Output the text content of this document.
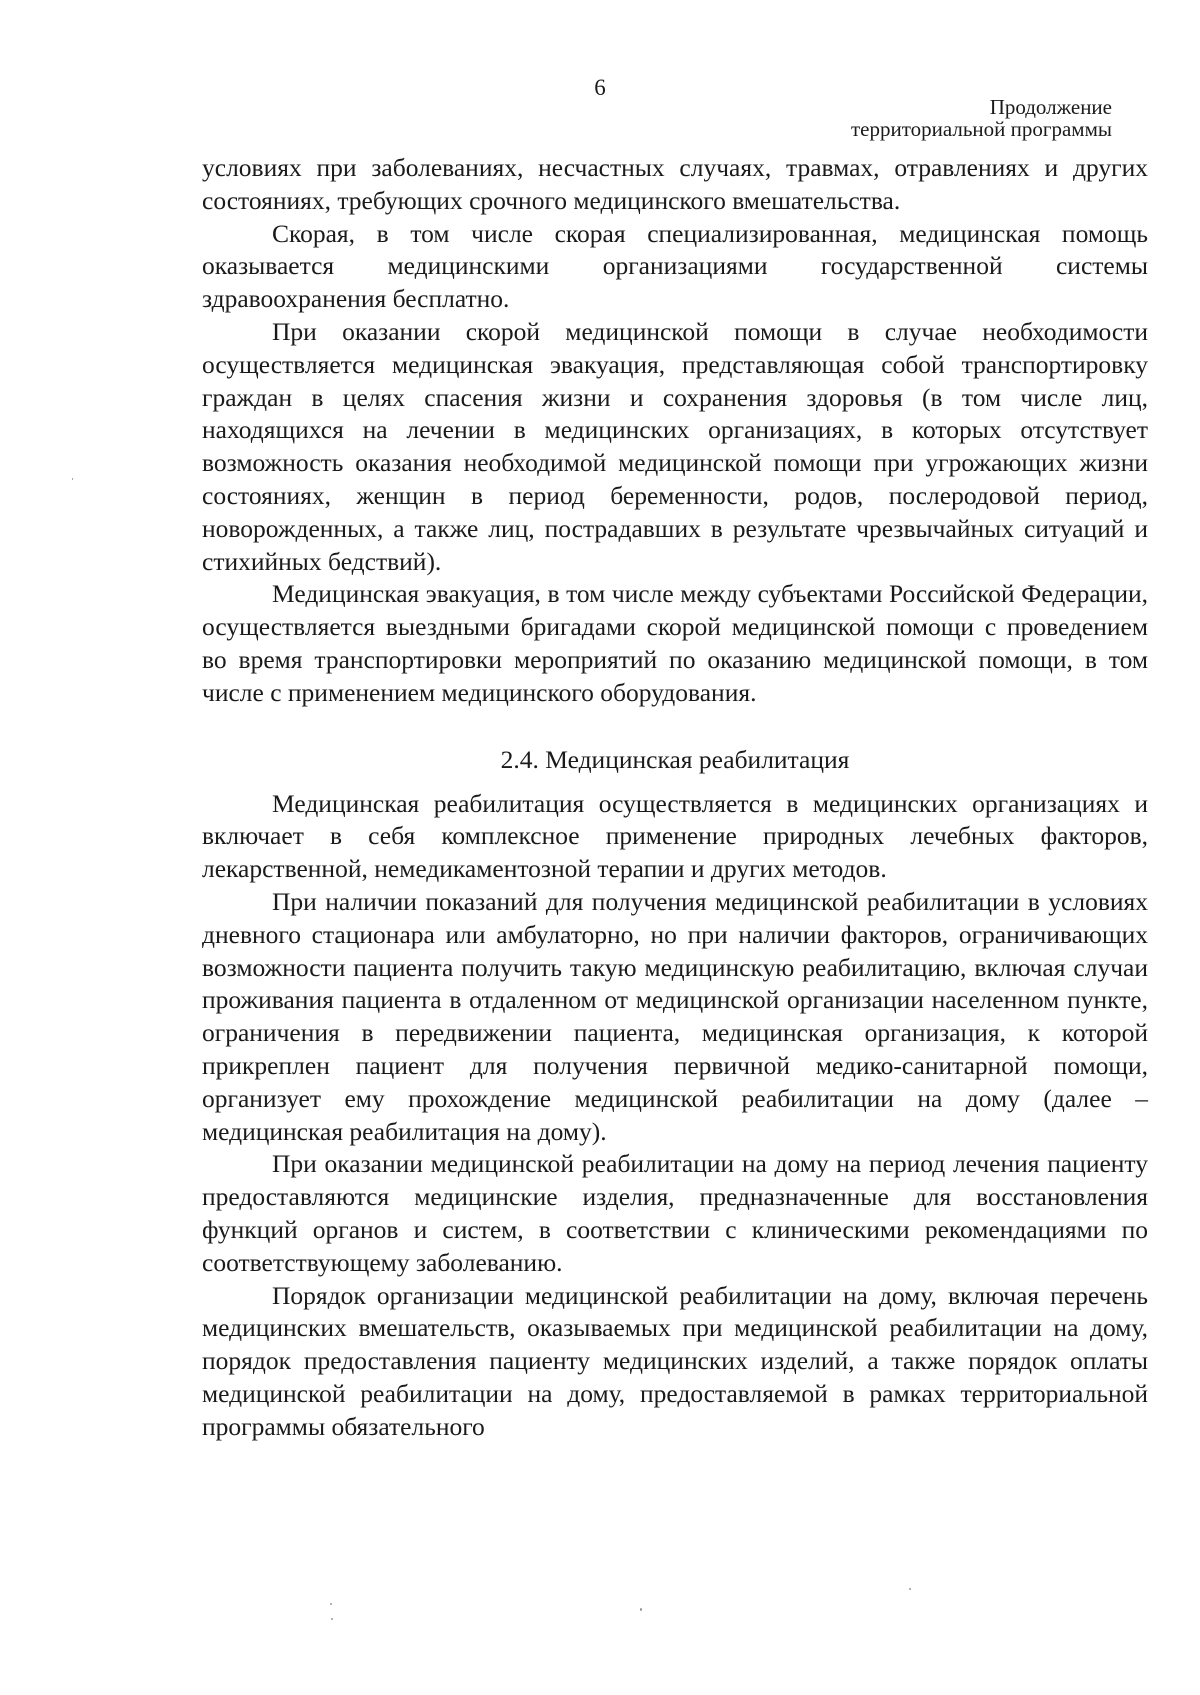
6
Продолжение
территориальной программы

условиях при заболеваниях, несчастных случаях, травмах, отравлениях и других состояниях, требующих срочного медицинского вмешательства.

Скорая, в том числе скорая специализированная, медицинская помощь оказывается медицинскими организациями государственной системы здравоохранения бесплатно.

При оказании скорой медицинской помощи в случае необходимости осуществляется медицинская эвакуация, представляющая собой транспортировку граждан в целях спасения жизни и сохранения здоровья (в том числе лиц, находящихся на лечении в медицинских организациях, в которых отсутствует возможность оказания необходимой медицинской помощи при угрожающих жизни состояниях, женщин в период беременности, родов, послеродовой период, новорожденных, а также лиц, пострадавших в результате чрезвычайных ситуаций и стихийных бедствий).

Медицинская эвакуация, в том числе между субъектами Российской Федерации, осуществляется выездными бригадами скорой медицинской помощи с проведением во время транспортировки мероприятий по оказанию медицинской помощи, в том числе с применением медицинского оборудования.

2.4. Медицинская реабилитация

Медицинская реабилитация осуществляется в медицинских организациях и включает в себя комплексное применение природных лечебных факторов, лекарственной, немедикаментозной терапии и других методов.

При наличии показаний для получения медицинской реабилитации в условиях дневного стационара или амбулаторно, но при наличии факторов, ограничивающих возможности пациента получить такую медицинскую реабилитацию, включая случаи проживания пациента в отдаленном от медицинской организации населенном пункте, ограничения в передвижении пациента, медицинская организация, к которой прикреплен пациент для получения первичной медико-санитарной помощи, организует ему прохождение медицинской реабилитации на дому (далее – медицинская реабилитация на дому).

При оказании медицинской реабилитации на дому на период лечения пациенту предоставляются медицинские изделия, предназначенные для восстановления функций органов и систем, в соответствии с клиническими рекомендациями по соответствующему заболеванию.

Порядок организации медицинской реабилитации на дому, включая перечень медицинских вмешательств, оказываемых при медицинской реабилитации на дому, порядок предоставления пациенту медицинских изделий, а также порядок оплаты медицинской реабилитации на дому, предоставляемой в рамках территориальной программы обязательного
